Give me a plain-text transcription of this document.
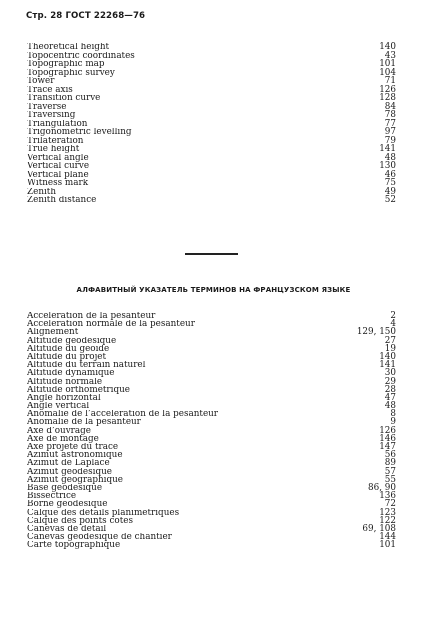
Стр. 28 ГОСТ 22268—76
Theoretical height	140
Topocentric coordinates	43
Topographic map	101
Topographic survey	104
Tower	71
Trace axis	126
Transition curve	128
Traverse	84
Traversing	78
Triangulation	77
Trigonometric levelling	97
Trilateration	79
True height	141
Vertical angle	48
Vertical curve	130
Vertical plane	46
Witness mark	75
Zenith	49
Zenith distance	52
АЛФАВИТНЫЙ УКАЗАТЕЛЬ ТЕРМИНОВ НА ФРАНЦУЗСКОМ ЯЗЫКЕ
Accélération de la pesanteur	2
Accélération normale de la pesanteur	4
Alignement	129, 150
Altitude géodésique	27
Altitude du géoide	19
Altitude du projet	140
Altitude du terrain naturel	141
Altitude dynamique	30
Altitude normale	29
Altitude orthométrique	28
Angle horizontal	47
Angle vertical	48
Anomalie de l’accélération de la pesanteur	8
Anomalie de la pesanteur	9
Axe d’ouvrage	126
Axe de montage	146
Axe projeté du tracé	147
Azimut astronomique	56
Azimut de Laplace	89
Azimut geodesique	57
Azimut geographique	55
Base géodésique	86, 90
Bissectrice	136
Borne géodésique	72
Calque des détails planimétriques	123
Calque des points cotés	122
Canevas de détail	69, 108
Canevas géodésique de chantier	144
Carte topographique	101
